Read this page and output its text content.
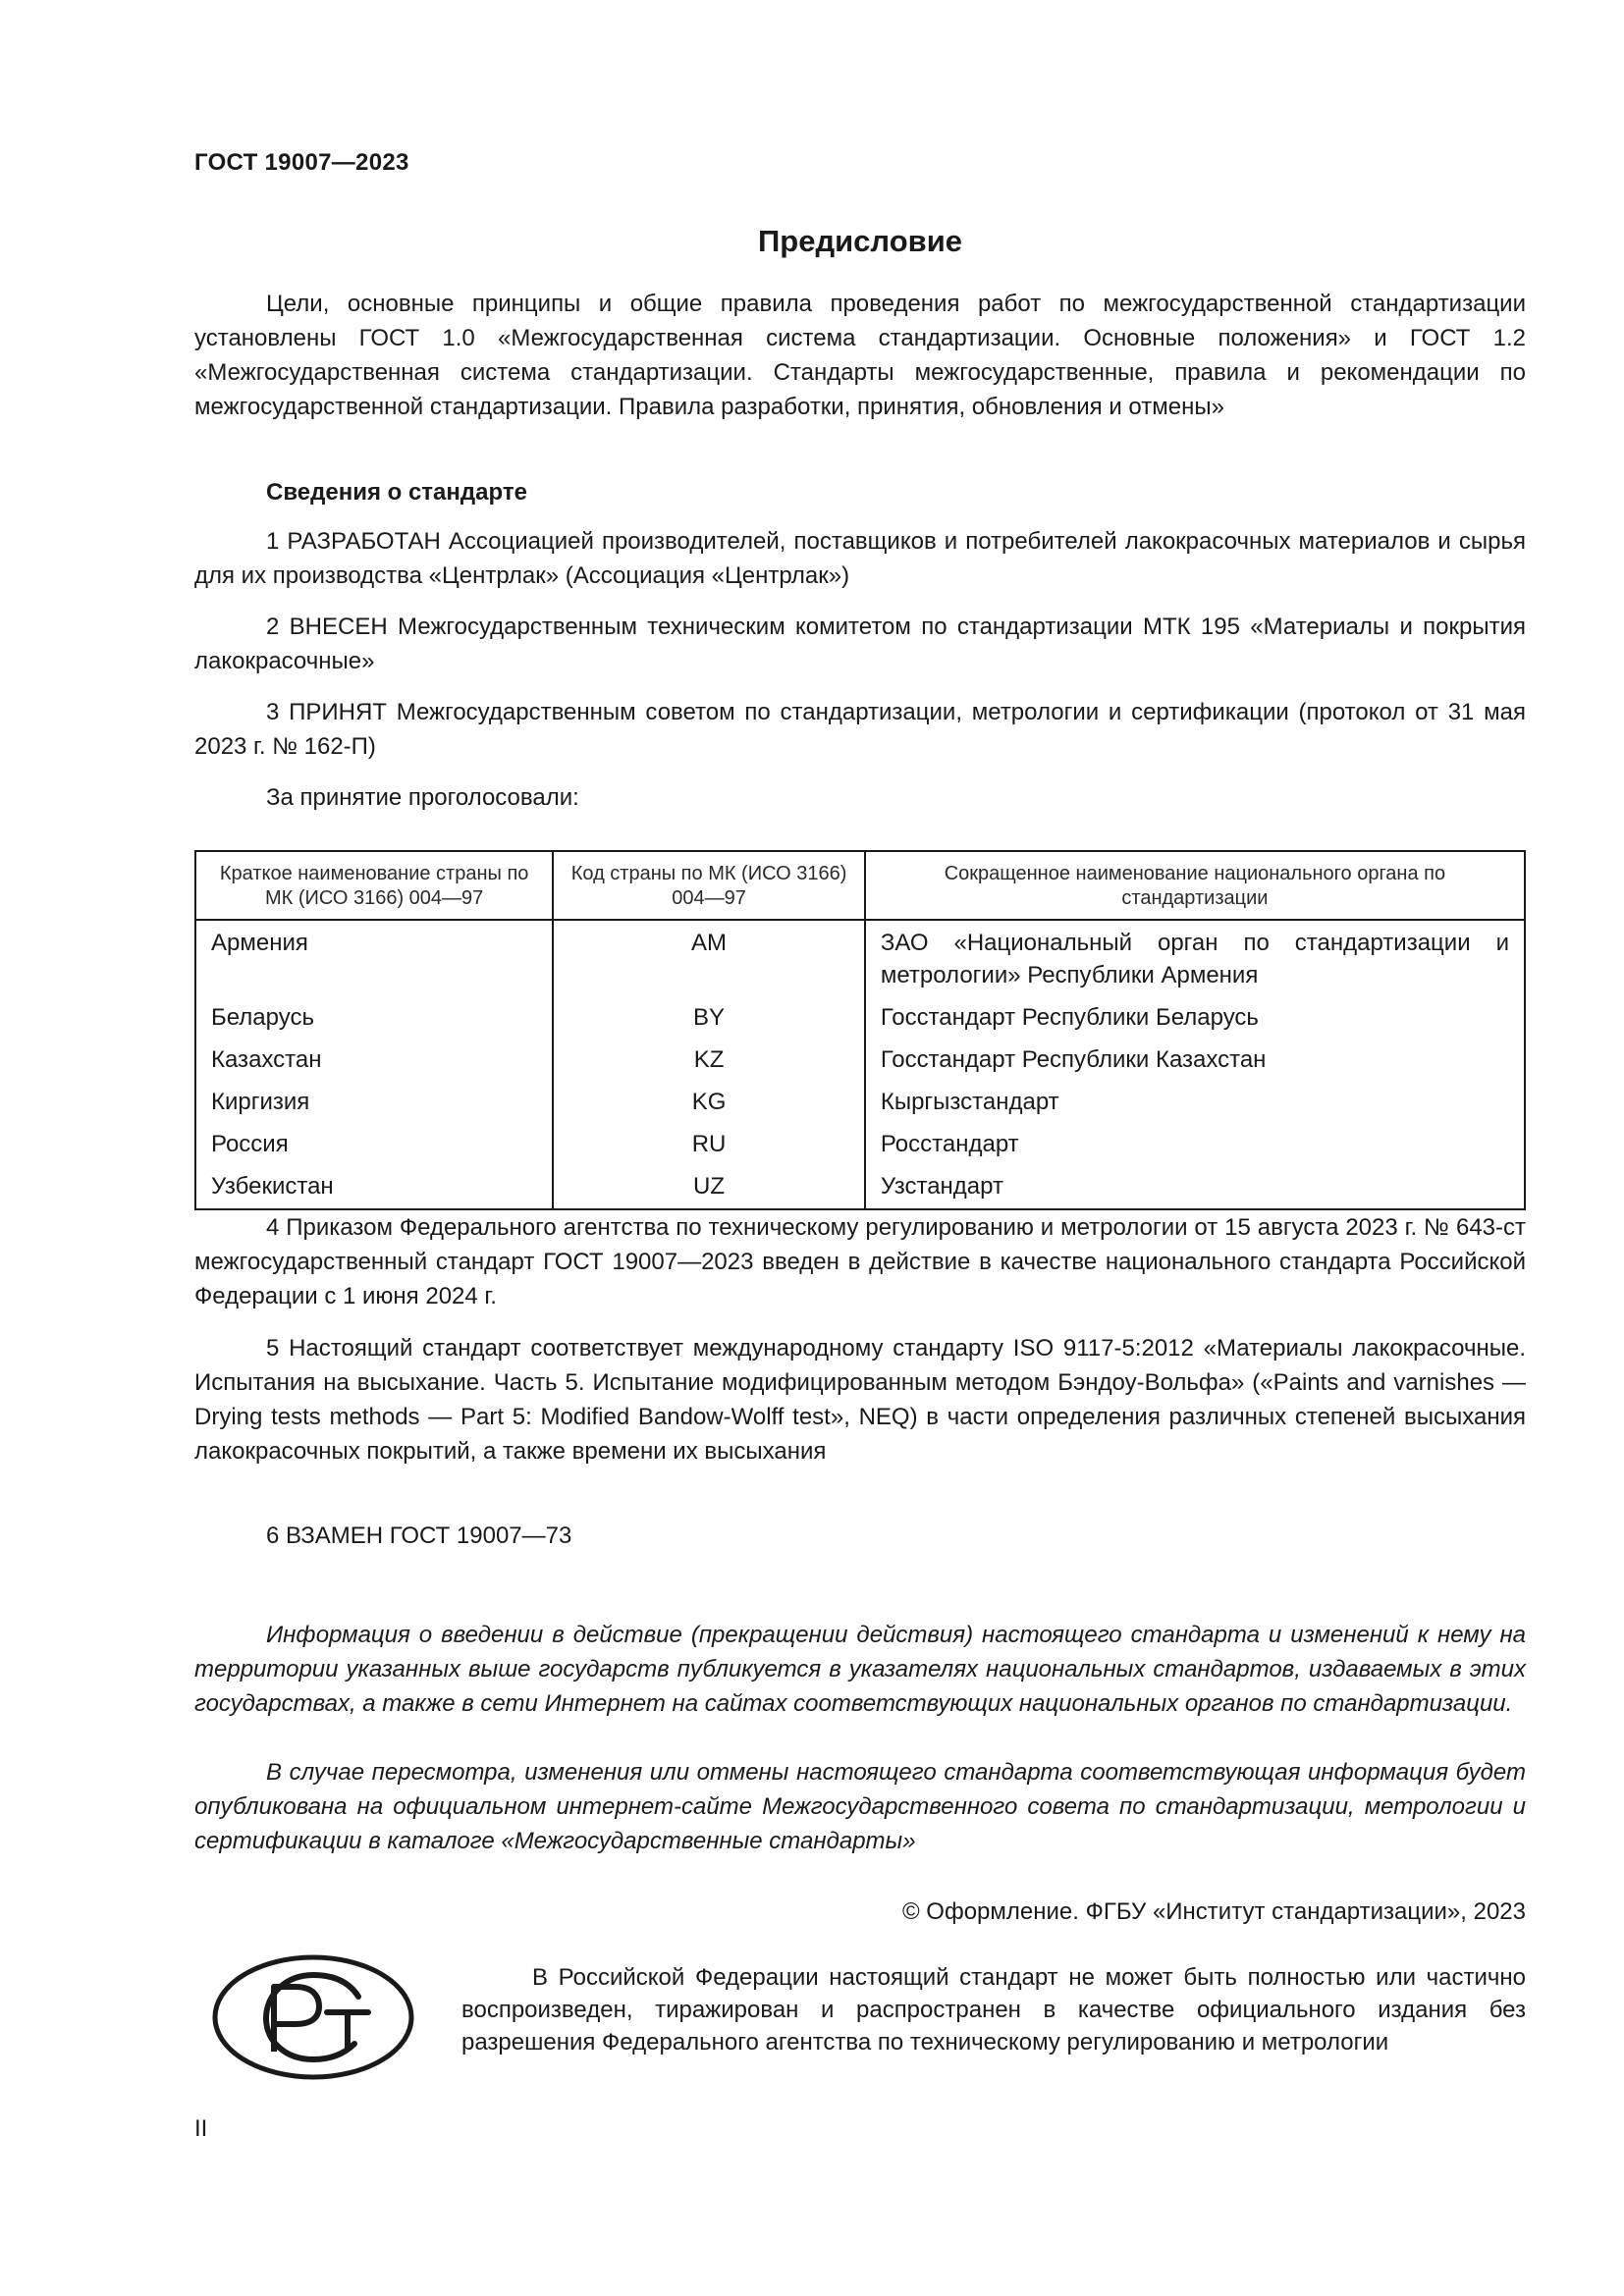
ГОСТ 19007—2023
Предисловие
Цели, основные принципы и общие правила проведения работ по межгосударственной стандартизации установлены ГОСТ 1.0 «Межгосударственная система стандартизации. Основные положения» и ГОСТ 1.2 «Межгосударственная система стандартизации. Стандарты межгосударственные, правила и рекомендации по межгосударственной стандартизации. Правила разработки, принятия, обновления и отмены»
Сведения о стандарте
1 РАЗРАБОТАН Ассоциацией производителей, поставщиков и потребителей лакокрасочных материалов и сырья для их производства «Центрлак» (Ассоциация «Центрлак»)
2 ВНЕСЕН Межгосударственным техническим комитетом по стандартизации МТК 195 «Материалы и покрытия лакокрасочные»
3 ПРИНЯТ Межгосударственным советом по стандартизации, метрологии и сертификации (протокол от 31 мая 2023 г. № 162-П)
За принятие проголосовали:
Краткое наименование страны по МК (ИСО 3166) 004—97	Код страны по МК (ИСО 3166) 004—97	Сокращенное наименование национального органа по стандартизации
Армения	AM	ЗАО «Национальный орган по стандартизации и метрологии» Республики Армения
Беларусь	BY	Госстандарт Республики Беларусь
Казахстан	KZ	Госстандарт Республики Казахстан
Киргизия	KG	Кыргызстандарт
Россия	RU	Росстандарт
Узбекистан	UZ	Узстандарт
4 Приказом Федерального агентства по техническому регулированию и метрологии от 15 августа 2023 г. № 643-ст межгосударственный стандарт ГОСТ 19007—2023 введен в действие в качестве национального стандарта Российской Федерации с 1 июня 2024 г.
5 Настоящий стандарт соответствует международному стандарту ISO 9117-5:2012 «Материалы лакокрасочные. Испытания на высыхание. Часть 5. Испытание модифицированным методом Бэндоу-Вольфа» («Paints and varnishes — Drying tests methods — Part 5: Modified Bandow-Wolff test», NEQ) в части определения различных степеней высыхания лакокрасочных покрытий, а также времени их высыхания
6 ВЗАМЕН ГОСТ 19007—73
Информация о введении в действие (прекращении действия) настоящего стандарта и изменений к нему на территории указанных выше государств публикуется в указателях национальных стандартов, издаваемых в этих государствах, а также в сети Интернет на сайтах соответствующих национальных органов по стандартизации.
В случае пересмотра, изменения или отмены настоящего стандарта соответствующая информация будет опубликована на официальном интернет-сайте Межгосударственного совета по стандартизации, метрологии и сертификации в каталоге «Межгосударственные стандарты»
© Оформление. ФГБУ «Институт стандартизации», 2023
В Российской Федерации настоящий стандарт не может быть полностью или частично воспроизведен, тиражирован и распространен в качестве официального издания без разрешения Федерального агентства по техническому регулированию и метрологии
II
